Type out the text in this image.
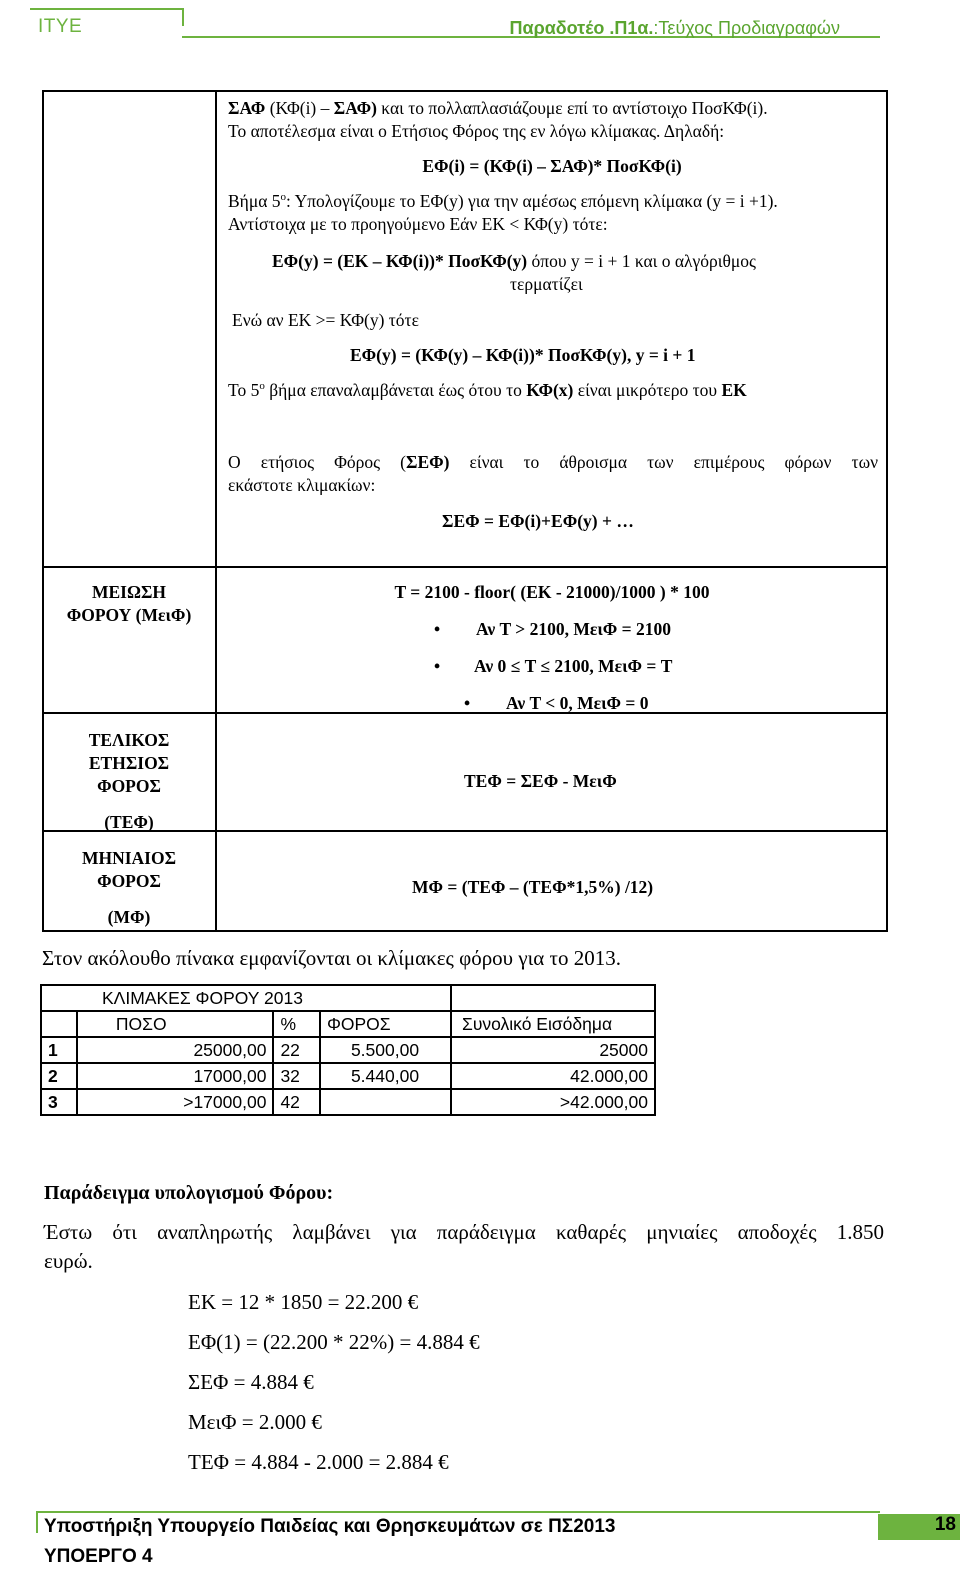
ΙΤΥΕ	Παραδοτέο .Π1α.:Τεύχος Προδιαγραφών
ΣΑΦ (ΚΦ(i) – ΣΑΦ) και το πολλαπλασιάζουμε επί το αντίστοιχο ΠοσΚΦ(i).
Το αποτέλεσμα είναι ο Ετήσιος Φόρος της εν λόγω κλίμακας. Δηλαδή:
ΕΦ(i) = (ΚΦ(i) – ΣΑΦ)* ΠοσΚΦ(i)
Βήμα $5^o$: Υπολογίζουμε το ΕΦ(y) για την αμέσως επόμενη κλίμακα (y = i +1).
Αντίστοιχα με το προηγούμενο Εάν ΕΚ < ΚΦ(y) τότε:
ΕΦ(y) = (ΕΚ – ΚΦ(i))* ΠοσΚΦ(y) όπου y = i + 1 και ο αλγόριθμος
τερματίζει
Ενώ αν ΕΚ >= ΚΦ(y) τότε
ΕΦ(y) = (ΚΦ(y) – ΚΦ(i))* ΠοσΚΦ(y), y = i + 1
Το $5^o$ βήμα επαναλαμβάνεται έως ότου το ΚΦ(x) είναι μικρότερο του ΕΚ
Ο ετήσιος Φόρος (ΣΕΦ) είναι το άθροισμα των επιμέρους φόρων των
εκάστοτε κλιμακίων:
ΣΕΦ = ΕΦ(i)+ΕΦ(y) + …
ΜΕΙΩΣΗ
ΦΟΡΟΥ (ΜειΦ)
T = 2100 - floor( (ΕΚ - 21000)/1000 ) * 100
• Αν T > 2100, ΜειΦ = 2100
• Αν 0 ≤ T ≤ 2100, ΜειΦ = T
• Αν T < 0, ΜειΦ = 0
ΤΕΛΙΚΟΣ
ΕΤΗΣΙΟΣ
ΦΟΡΟΣ
(ΤΕΦ)
ΤΕΦ = ΣΕΦ - ΜειΦ
ΜΗΝΙΑΙΟΣ
ΦΟΡΟΣ
(ΜΦ)
ΜΦ = (ΤΕΦ – (ΤΕΦ*1,5%) /12)
Στον ακόλουθο πίνακα εμφανίζονται οι κλίμακες φόρου για το 2013.
ΚΛΙΜΑΚΕΣ ΦΟΡΟΥ 2013				
	ΠΟΣΟ	%	ΦΟΡΟΣ	Συνολικό Εισόδημα
1	25000,00	22	5.500,00	25000
2	17000,00	32	5.440,00	42.000,00
3	>17000,00	42		>42.000,00
Παράδειγμα υπολογισμού Φόρου:
Έστω ότι αναπληρωτής λαμβάνει για παράδειγμα καθαρές μηνιαίες αποδοχές 1.850
ευρώ.
ΕΚ = 12 * 1850 = 22.200 €
ΕΦ(1) = (22.200 * 22%) = 4.884 €
ΣΕΦ = 4.884 €
ΜειΦ = 2.000 €
ΤΕΦ = 4.884 - 2.000 = 2.884 €
Υποστήριξη Υπουργείο Παιδείας και Θρησκευμάτων σε ΠΣ2013
ΥΠΟΕΡΓΟ 4
18
